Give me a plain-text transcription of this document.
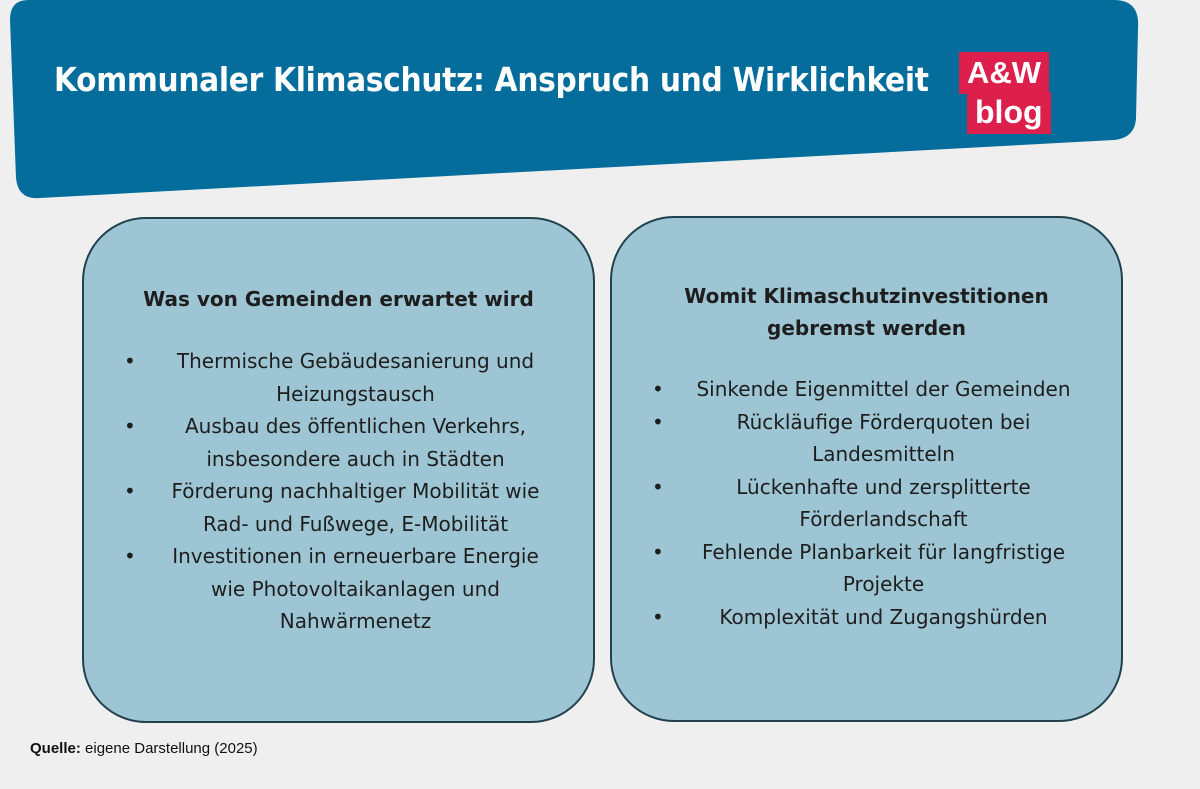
Kommunaler Klimaschutz: Anspruch und Wirklichkeit A&W
blog
Was von Gemeinden erwartet wird
• Thermische Gebäudesanierung und Heizungstausch
• Ausbau des öffentlichen Verkehrs, insbesondere auch in Städten
• Förderung nachhaltiger Mobilität wie Rad- und Fußwege, E-Mobilität
• Investitionen in erneuerbare Energie wie Photovoltaikanlagen und Nahwärmenetz
Womit Klimaschutzinvestitionen gebremst werden
• Sinkende Eigenmittel der Gemeinden
•	Rückläufige Förderquoten bei Landesmitteln
•	Lückenhafte und zersplitterte Förderlandschaft
• Fehlende Planbarkeit für langfristige Projekte
•	Komplexität und Zugangshürden
Quelle: eigene Darstellung (2025)
